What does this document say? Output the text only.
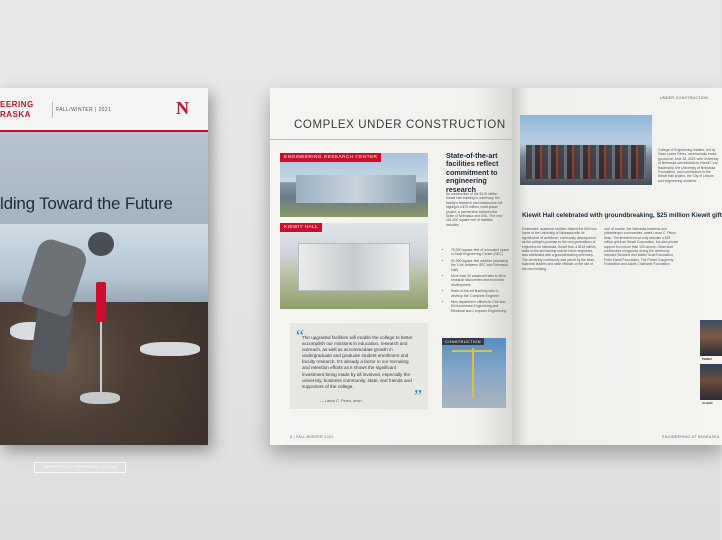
EERING
RASKA	FALL/WINTER | 2021	N
lding Toward the Future
UNIVERSITY OF NEBRASKA–LINCOLN
COMPLEX UNDER CONSTRUCTION
ENGINEERING RESEARCH CENTER
KIEWIT HALL
State-of-the-art facilities reflect commitment to engineering research
As construction of the $115 million Kiewit Hall building is underway, the facility's research and classrooms will highlight a $75 million, multi-phase project, a partnership between the State of Nebraska and UNL. The new 161,000 square feet of facilities includes:
• 75,000 square feet of renovated space in Scott Engineering Center (SEC)
• 60,000 square feet addition (replacing the 'Link' between SEC and Nebraska Hall)
• More than 50 advanced labs to drive research discoveries and economic development
• State-of-the-art teaching labs to develop the 'Complete Engineer'
• New department offices for Civil and Environmental Engineering and Electrical and Computer Engineering
“
The upgraded facilities will enable the college to better accomplish our missions in education, research and outreach, as well as accommodate growth in undergraduate and graduate student enrollment and faculty research. It's already a factor in our recruiting and retention efforts as it shows the significant investment being made by all involved, especially the university, business community, state, and friends and supporters of the college.	”
— Lance C. Pérez, dean
CONSTRUCTION
6 | FALL/WINTER 2021
UNDER CONSTRUCTION
College of Engineering leaders, led by Dean Lance Pérez, ceremonially broke ground on June 28, 2021 with University of Nebraska administrators, Kiewit Corp. leadership, the University of Nebraska Foundation, and contributors to the Kiewit Hall project, the City of Lincoln and engineering students.
Kiewit Hall celebrated with groundbreaking, $25 million Kiewit gift
Excitement, academic facilities helped the 600 new home of the University of Nebraska with its significance of workforce, community development as the college's promise to the next generations of engineers for Nebraska. Kiewit Hall, a $115 million, state-of-the-art learning hub for future engineers, was celebrated with a groundbreaking ceremony. The university community was joined by the dean, business leaders and state officials on the site of the new building.
and, of course, the Nebraska business and philanthropic communities, noted Lance C. Pérez, dean. The investment not only includes a $25 million gift from Kiewit Corporation, but also private support from more than 150 donors. Other lead contributors recognized during the ceremony included Suzanne and Walter Scott Foundation, Peter Kiewit Foundation, The Robert Daugherty Foundation and Acklie Charitable Foundation.
PEREZ
ALGER
ENGINEERING AT NEBRASKA
